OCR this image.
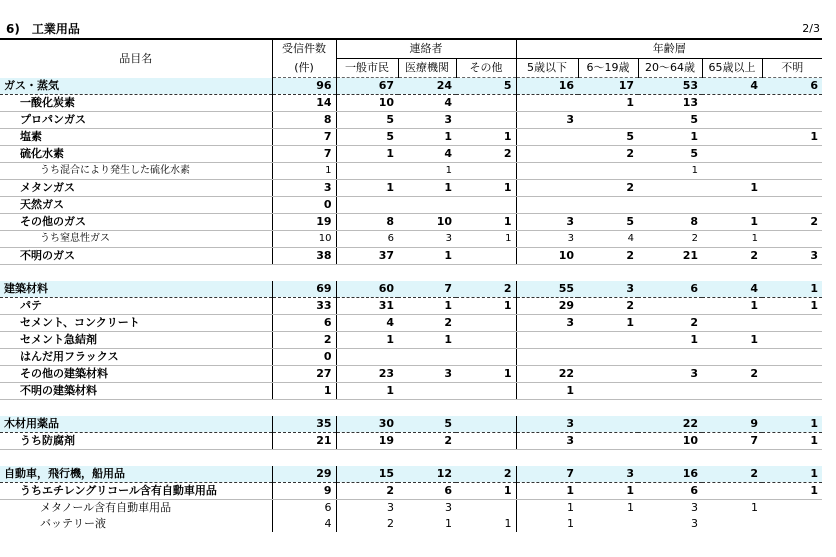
6)　工業用品	2/3
品目名	受信件数	連絡者			年齢層				
	(件)	一般市民	医療機関	その他	5歳以下	6～19歳	20～64歳	65歳以上	不明
ガス・蒸気	96	67	24	5	16	17	53	4	6
一酸化炭素	14	10	4			1	13		
プロパンガス	8	5	3		3		5		
塩素	7	5	1	1		5	1		1
硫化水素	7	1	4	2		2	5		
うち混合により発生した硫化水素	1		1				1		
メタンガス	3	1	1	1		2		1	
天然ガス	0								
その他のガス	19	8	10	1	3	5	8	1	2
うち窒息性ガス	10	6	3	1	3	4	2	1	
不明のガス	38	37	1		10	2	21	2	3

建築材料	69	60	7	2	55	3	6	4	1
パテ	33	31	1	1	29	2		1	1
セメント、コンクリート	6	4	2		3	1	2		
セメント急結剤	2	1	1				1	1	
はんだ用フラックス	0								
その他の建築材料	27	23	3	1	22		3	2	
不明の建築材料	1	1			1				

木材用薬品	35	30	5		3		22	9	1
うち防腐剤	21	19	2		3		10	7	1

自動車，飛行機，船用品	29	15	12	2	7	3	16	2	1
うちエチレングリコール含有自動車用品	9	2	6	1	1	1	6		1
メタノール含有自動車用品	6	3	3		1	1	3	1	
バッテリー液	4	2	1	1	1		3		
